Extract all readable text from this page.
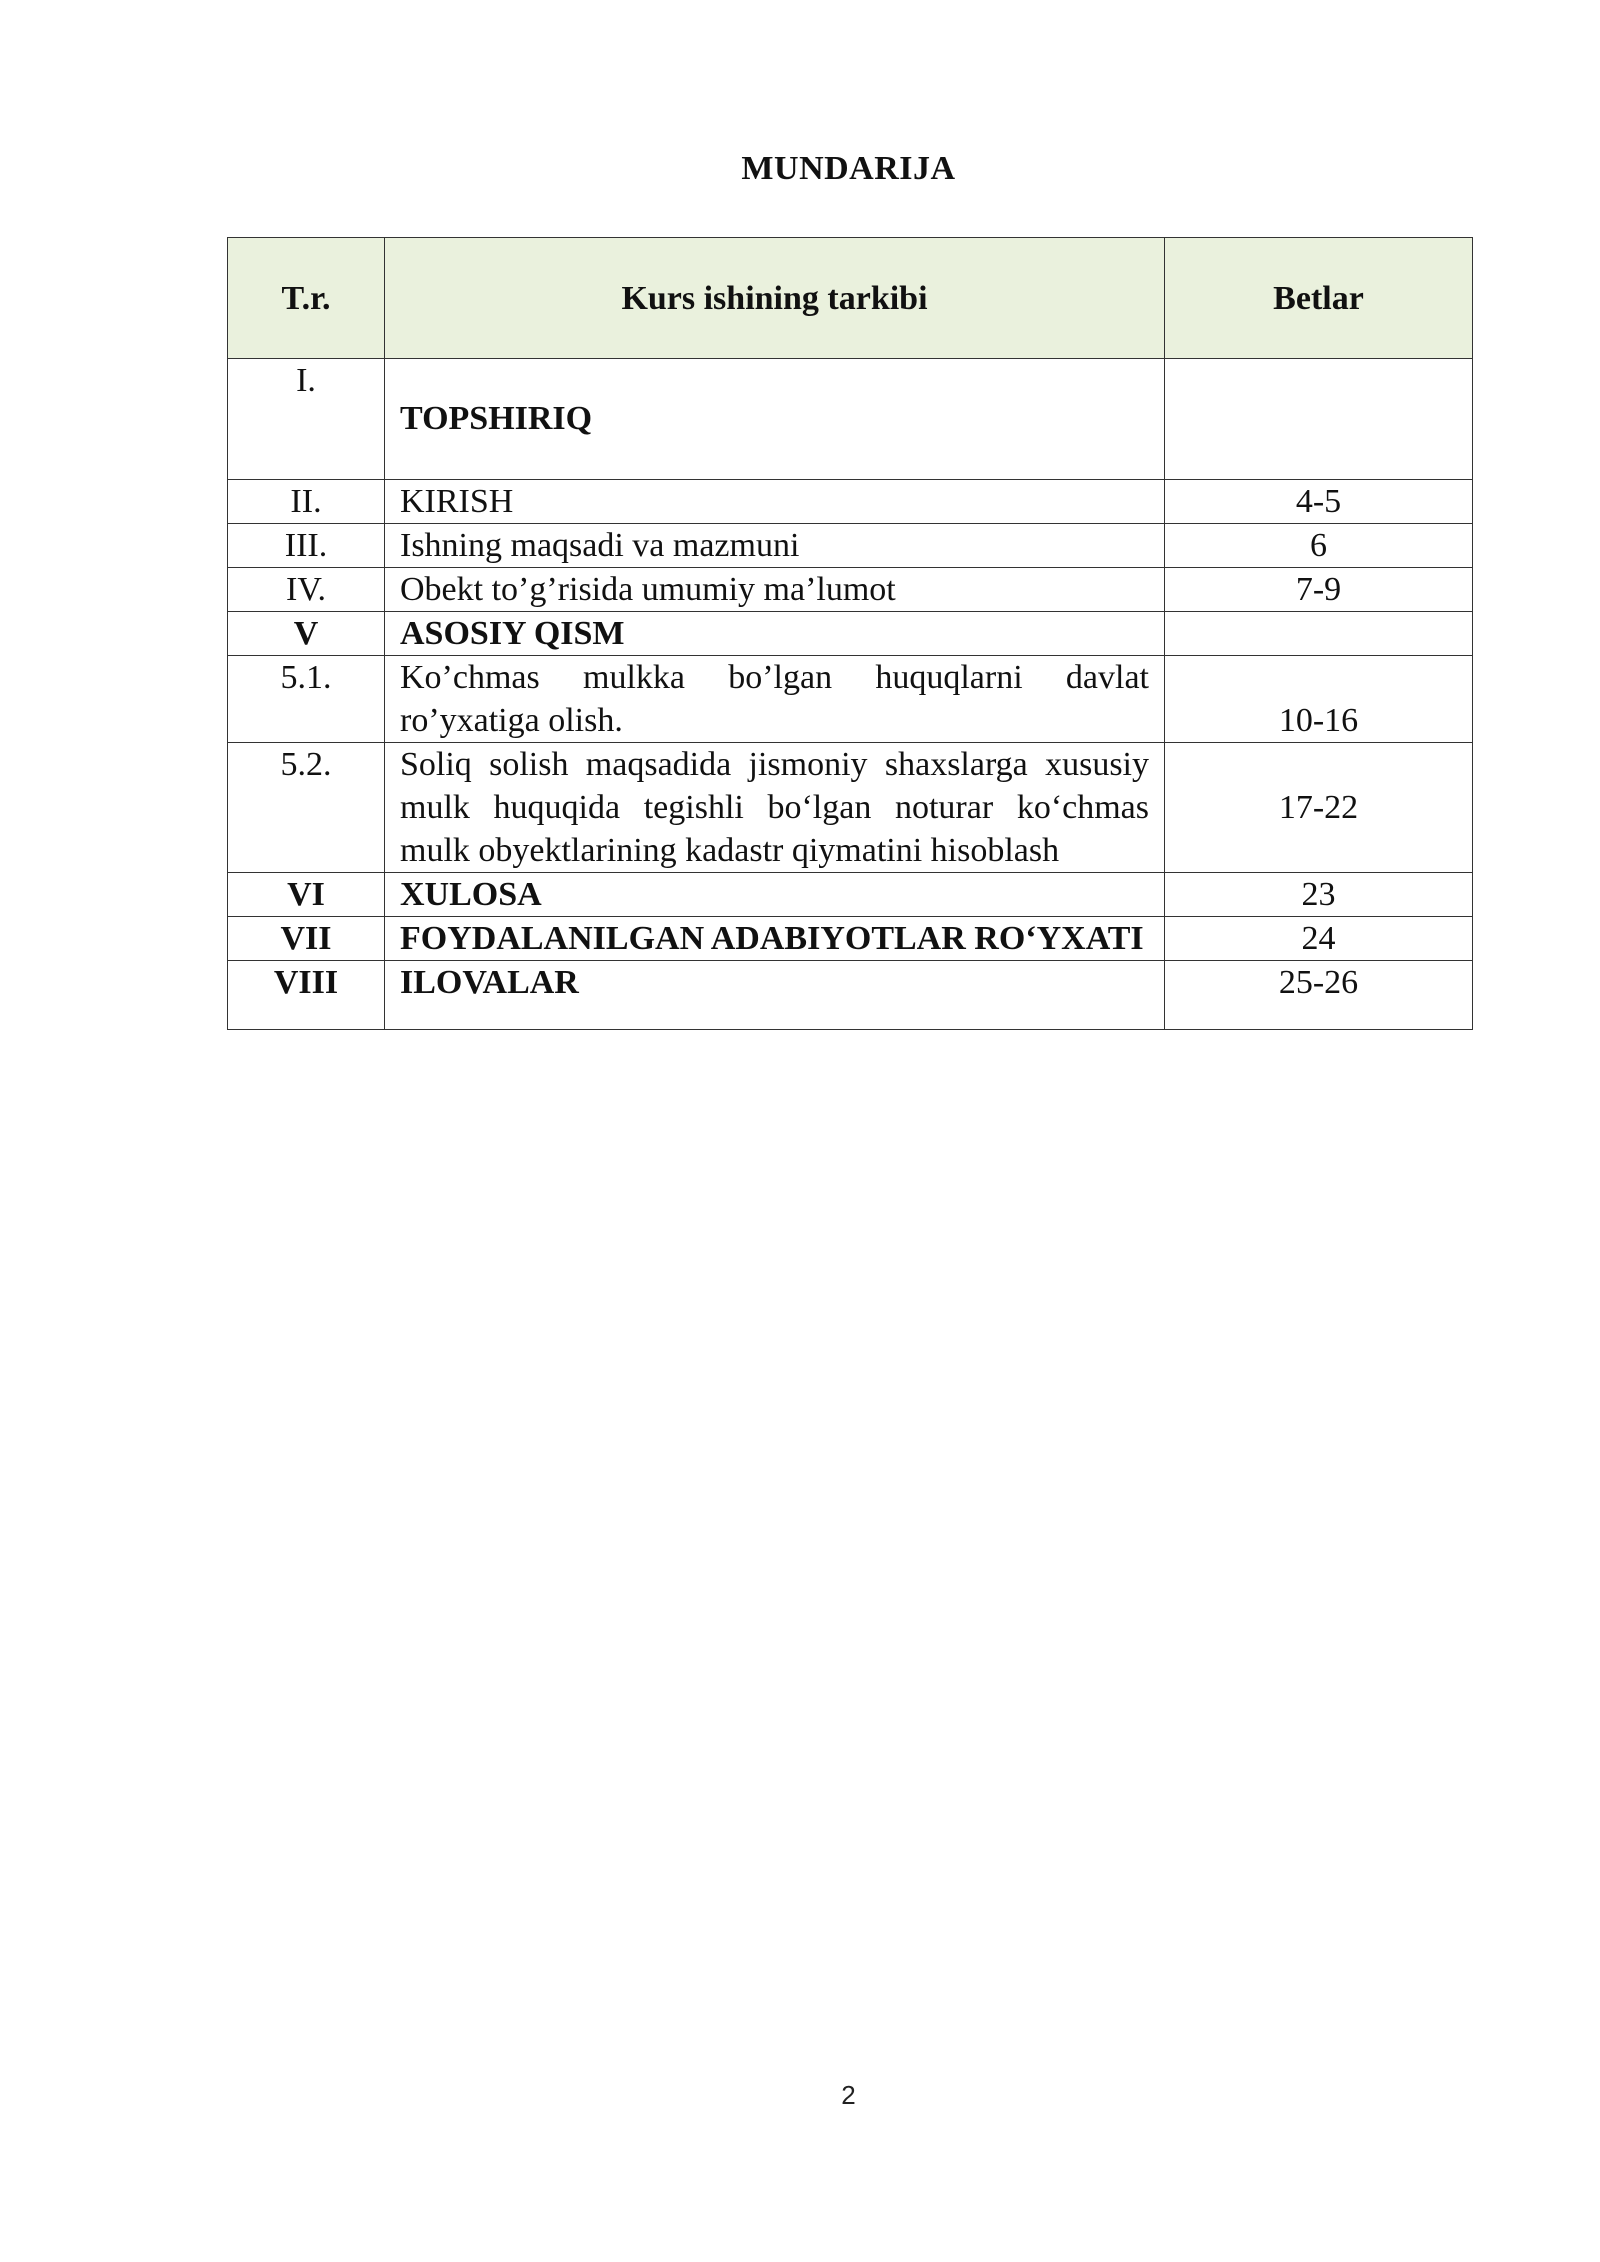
MUNDARIJA
T.r.	Kurs ishining tarkibi	Betlar
I.	TOPSHIRIQ	

II.	KIRISH	4-5
III.	Ishning maqsadi va mazmuni	6
IV.	Obekt to’g’risida umumiy ma’lumot	7-9
V	ASOSIY QISM	
5.1.	Ko’chmas mulkka bo’lgan huquqlarni davlat ro’yxatiga olish.	10-16
5.2.	Soliq solish maqsadida jismoniy shaxslarga xususiy mulk huquqida tegishli bo‘lgan noturar ko‘chmas mulk obyektlarining kadastr qiymatini hisoblash	17-22
VI	XULOSA	23
VII	FOYDALANILGAN ADABIYOTLAR RO‘YXATI	24
VIII	ILOVALAR	25-26
2
